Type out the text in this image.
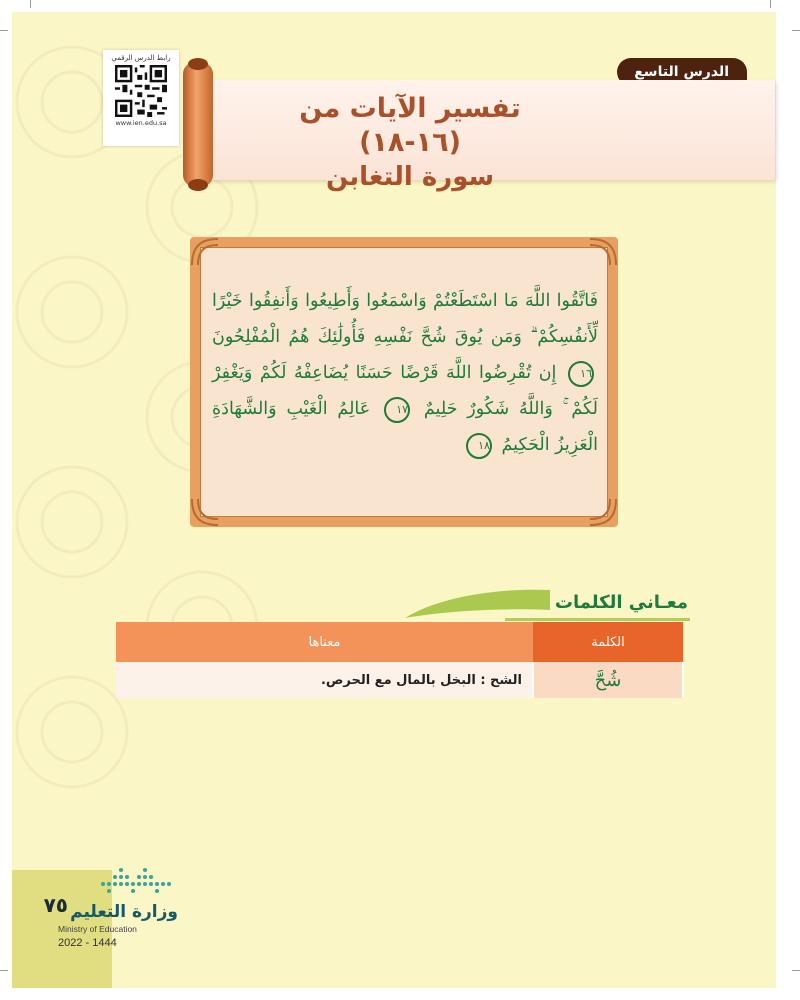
رابط الدرس الرقمي
www.ien.edu.sa
الدرس التاسع
تفسير الآيات من (١٦-١٨)
سورة التغابن
فَاتَّقُوا اللَّهَ مَا اسْتَطَعْتُمْ وَاسْمَعُوا وَأَطِيعُوا وَأَنفِقُوا خَيْرًا لِّأَنفُسِكُمْ ۗ وَمَن يُوقَ شُحَّ نَفْسِهِ فَأُولَٰئِكَ هُمُ الْمُفْلِحُونَ ١٦ إِن تُقْرِضُوا اللَّهَ قَرْضًا حَسَنًا يُضَاعِفْهُ لَكُمْ وَيَغْفِرْ لَكُمْ ۚ وَاللَّهُ شَكُورٌ حَلِيمٌ ١٧ عَالِمُ الْغَيْبِ وَالشَّهَادَةِ الْعَزِيزُ الْحَكِيمُ ١٨
معـاني الكلمات
الكلمة	معناها
شُحَّ	الشح : البخل بالمال مع الحرص.
٧٥ وزارة التعليم
Ministry of Education
2022 - 1444
